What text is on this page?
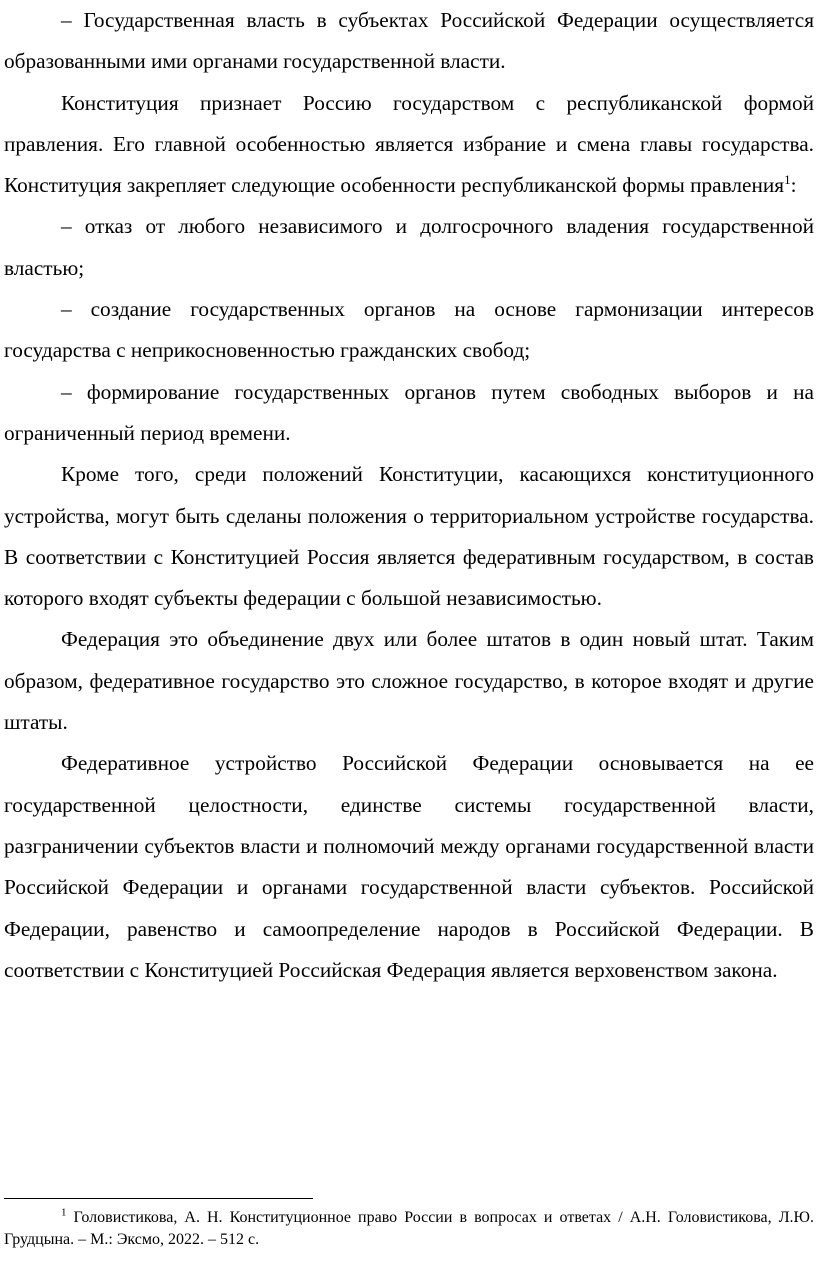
– Государственная власть в субъектах Российской Федерации осуществляется образованными ими органами государственной власти.

Конституция признает Россию государством с республиканской формой правления. Его главной особенностью является избрание и смена главы государства. Конституция закрепляет следующие особенности республиканской формы правления$^1$:

– отказ от любого независимого и долгосрочного владения государственной властью;

– создание государственных органов на основе гармонизации интересов государства с неприкосновенностью гражданских свобод;

– формирование государственных органов путем свободных выборов и на ограниченный период времени.

Кроме того, среди положений Конституции, касающихся конституционного устройства, могут быть сделаны положения о территориальном устройстве государства. В соответствии с Конституцией Россия является федеративным государством, в состав которого входят субъекты федерации с большой независимостью.

Федерация это объединение двух или более штатов в один новый штат. Таким образом, федеративное государство это сложное государство, в которое входят и другие штаты.

Федеративное устройство Российской Федерации основывается на ее государственной целостности, единстве системы государственной власти, разграничении субъектов власти и полномочий между органами государственной власти Российской Федерации и органами государственной власти субъектов. Российской Федерации, равенство и самоопределение народов в Российской Федерации. В соответствии с Конституцией Российская Федерация является верховенством закона.

$^1$ Головистикова, А. Н. Конституционное право России в вопросах и ответах / А.Н. Головистикова, Л.Ю. Грудцына. – М.: Эксмо, 2022. – 512 с.
